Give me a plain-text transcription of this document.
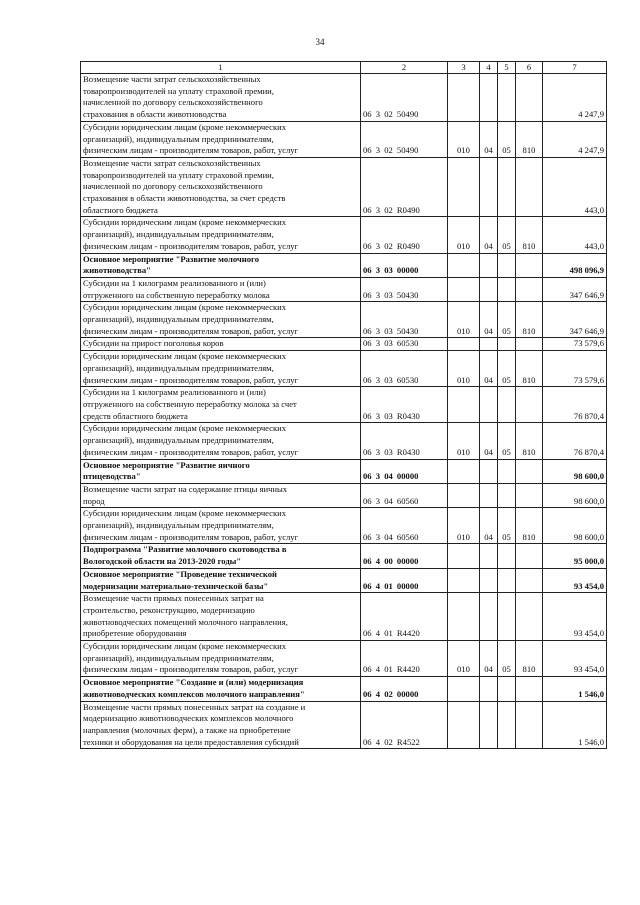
34
1	2	3	4	5	6	7
Возмещение части затрат сельскохозяйственных
товаропроизводителей на уплату страховой премии,
начисленной по договору сельскохозяйственного
страхования в области животноводства	06 3 02 50490					4 247,9
Субсидии юридическим лицам (кроме некоммерческих
организаций), индивидуальным предпринимателям,
физическим лицам - производителям товаров, работ, услуг	06 3 02 50490	010	04	05	810	4 247,9
Возмещение части затрат сельскохозяйственных
товаропроизводителей на уплату страховой премии,
начисленной по договору сельскохозяйственного
страхования в области животноводства, за счет средств
областного бюджета	06 3 02 R0490					443,0
Субсидии юридическим лицам (кроме некоммерческих
организаций), индивидуальным предпринимателям,
физическим лицам - производителям товаров, работ, услуг	06 3 02 R0490	010	04	05	810	443,0
Основное мероприятие "Развитие молочного
животноводства"	06 3 03 00000					498 096,9
Субсидии на 1 килограмм реализованного и (или)
отгруженного на собственную переработку молока	06 3 03 50430					347 646,9
Субсидии юридическим лицам (кроме некоммерческих
организаций), индивидуальным предпринимателям,
физическим лицам - производителям товаров, работ, услуг	06 3 03 50430	010	04	05	810	347 646,9
Субсидии на прирост поголовья коров	06 3 03 60530					73 579,6
Субсидии юридическим лицам (кроме некоммерческих
организаций), индивидуальным предпринимателям,
физическим лицам - производителям товаров, работ, услуг	06 3 03 60530	010	04	05	810	73 579,6
Субсидии на 1 килограмм реализованного и (или)
отгруженного на собственную переработку молока за счет
средств областного бюджета	06 3 03 R0430					76 870,4
Субсидии юридическим лицам (кроме некоммерческих
организаций), индивидуальным предпринимателям,
физическим лицам - производителям товаров, работ, услуг	06 3 03 R0430	010	04	05	810	76 870,4
Основное мероприятие "Развитие яичного
птицеводства"	06 3 04 00000					98 600,0
Возмещение части затрат на содержание птицы яичных
пород	06 3 04 60560					98 600,0
Субсидии юридическим лицам (кроме некоммерческих
организаций), индивидуальным предпринимателям,
физическим лицам - производителям товаров, работ, услуг	06 3 04 60560	010	04	05	810	98 600,0
Подпрограмма "Развитие молочного скотоводства в
Вологодской области на 2013-2020 годы"	06 4 00 00000					95 000,0
Основное мероприятие "Проведение технической
модернизации материально-технической базы"	06 4 01 00000					93 454,0
Возмещение части прямых понесенных затрат на
строительство, реконструкцию, модернизацию
животноводческих помещений молочного направления,
приобретение оборудования	06 4 01 R4420					93 454,0
Субсидии юридическим лицам (кроме некоммерческих
организаций), индивидуальным предпринимателям,
физическим лицам - производителям товаров, работ, услуг	06 4 01 R4420	010	04	05	810	93 454,0
Основное мероприятие "Создание и (или) модернизация
животноводческих комплексов молочного направления"	06 4 02 00000					1 546,0
Возмещение части прямых понесенных затрат на создание и
модернизацию животноводческих комплексов молочного
направления (молочных ферм), а также на приобретение
техники и оборудования на цели предоставления субсидий	06 4 02 R4522					1 546,0
